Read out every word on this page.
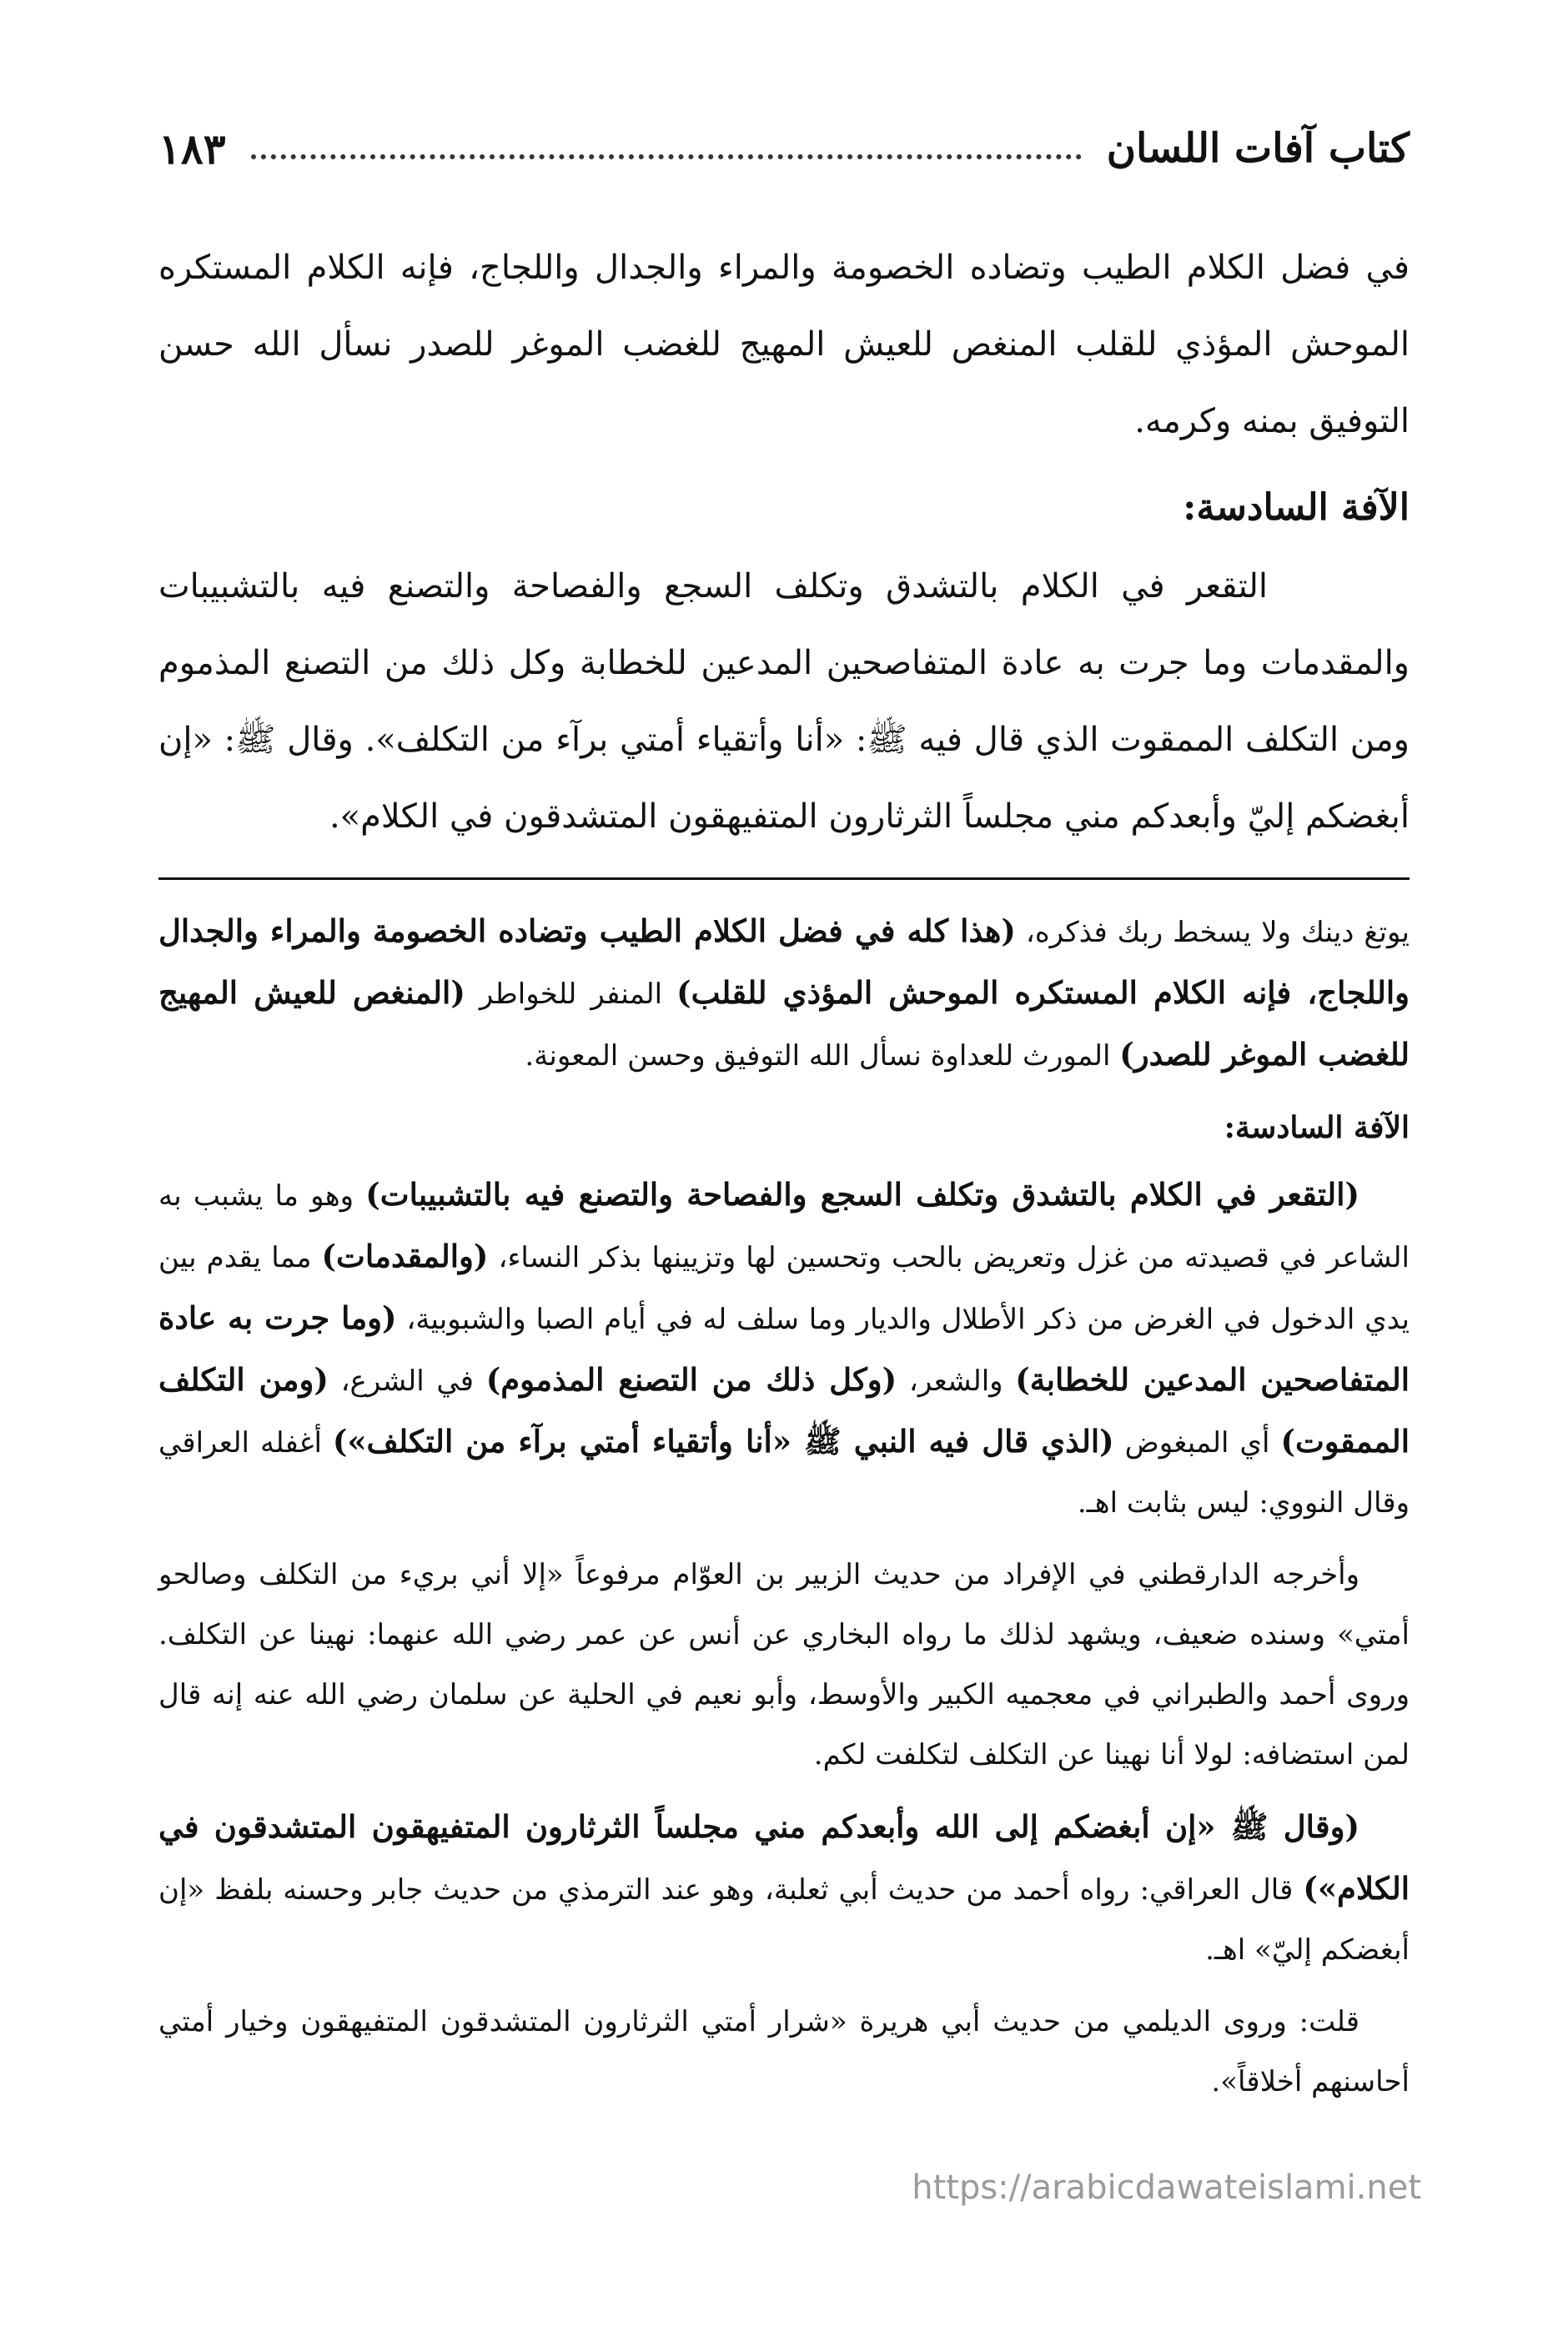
كتاب آفات اللسان
١٨٣

في فضل الكلام الطيب وتضاده الخصومة والمراء والجدال واللجاج، فإنه الكلام المستكره الموحش المؤذي للقلب المنغص للعيش المهيج للغضب الموغر للصدر نسأل الله حسن التوفيق بمنه وكرمه.

الآفة السادسة:

التقعر في الكلام بالتشدق وتكلف السجع والفصاحة والتصنع فيه بالتشبيبات والمقدمات وما جرت به عادة المتفاصحين المدعين للخطابة وكل ذلك من التصنع المذموم ومن التكلف الممقوت الذي قال فيه ﷺ: «أنا وأتقياء أمتي برآء من التكلف». وقال ﷺ: «إن أبغضكم إليّ وأبعدكم مني مجلساً الثرثارون المتفيهقون المتشدقون في الكلام».

يوتغ دينك ولا يسخط ربك فذكره، (هذا كله في فضل الكلام الطيب وتضاده الخصومة والمراء والجدال واللجاج، فإنه الكلام المستكره الموحش المؤذي للقلب) المنفر للخواطر (المنغص للعيش المهيج للغضب الموغر للصدر) المورث للعداوة نسأل الله التوفيق وحسن المعونة.

الآفة السادسة:

(التقعر في الكلام بالتشدق وتكلف السجع والفصاحة والتصنع فيه بالتشبيبات) وهو ما يشبب به الشاعر في قصيدته من غزل وتعريض بالحب وتحسين لها وتزيينها بذكر النساء، (والمقدمات) مما يقدم بين يدي الدخول في الغرض من ذكر الأطلال والديار وما سلف له في أيام الصبا والشبوبية، (وما جرت به عادة المتفاصحين المدعين للخطابة) والشعر، (وكل ذلك من التصنع المذموم) في الشرع، (ومن التكلف الممقوت) أي المبغوض (الذي قال فيه النبي ﷺ «أنا وأتقياء أمتي برآء من التكلف») أغفله العراقي وقال النووي: ليس بثابت اهـ.

وأخرجه الدارقطني في الإفراد من حديث الزبير بن العوّام مرفوعاً «إلا أني بريء من التكلف وصالحو أمتي» وسنده ضعيف، ويشهد لذلك ما رواه البخاري عن أنس عن عمر رضي الله عنهما: نهينا عن التكلف. وروى أحمد والطبراني في معجميه الكبير والأوسط، وأبو نعيم في الحلية عن سلمان رضي الله عنه إنه قال لمن استضافه: لولا أنا نهينا عن التكلف لتكلفت لكم.

(وقال ﷺ «إن أبغضكم إلى الله وأبعدكم مني مجلساً الثرثارون المتفيهقون المتشدقون في الكلام») قال العراقي: رواه أحمد من حديث أبي ثعلبة، وهو عند الترمذي من حديث جابر وحسنه بلفظ «إن أبغضكم إليّ» اهـ.

قلت: وروى الديلمي من حديث أبي هريرة «شرار أمتي الثرثارون المتشدقون المتفيهقون وخيار أمتي أحاسنهم أخلاقاً».

https://arabicdawateislami.net
